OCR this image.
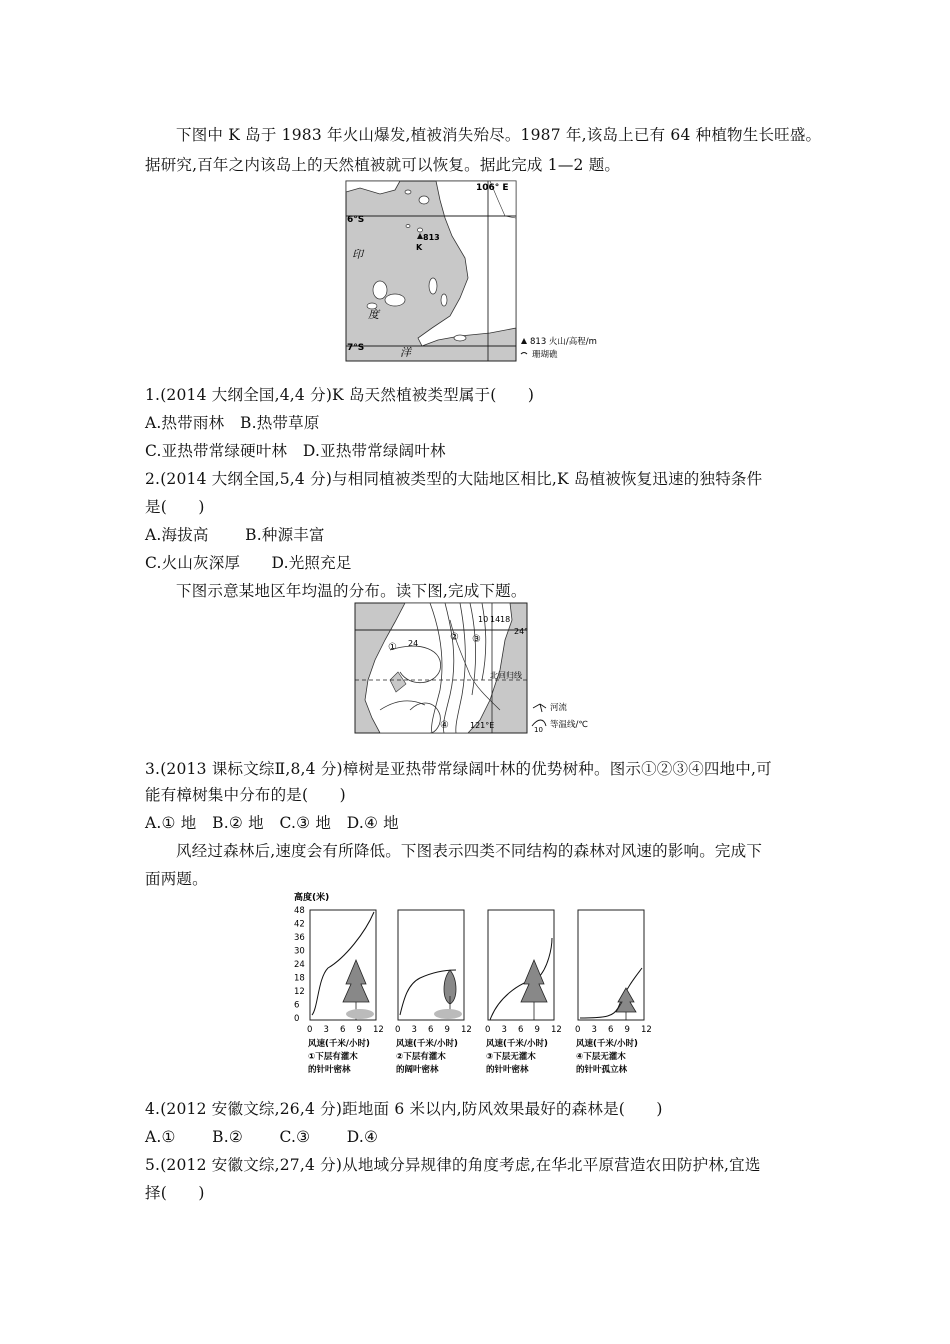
下图中 K 岛于 1983 年火山爆发,植被消失殆尽。1987 年,该岛上已有 64 种植物生长旺盛。
据研究,百年之内该岛上的天然植被就可以恢复。据此完成 1—2 题。
106° E
6°S
7°S
813
K
印
度
洋
813 火山/高程/m
珊瑚礁
1.(2014 大纲全国,4,4 分)K 岛天然植被类型属于(　　)
A.热带雨林　B.热带草原
C.亚热带常绿硬叶林　D.亚热带常绿阔叶林
2.(2014 大纲全国,5,4 分)与相同植被类型的大陆地区相比,K 岛植被恢复迅速的独特条件
是(　　)
A.海拔高　　 B.种源丰富
C.火山灰深厚　　D.光照充足
下图示意某地区年均温的分布。读下图,完成下题。
10 14 18
24
24°
①
② ③
④
北回归线
121°E
河流
10 等温线/℃
3.(2013 课标文综Ⅱ,8,4 分)樟树是亚热带常绿阔叶林的优势树种。图示①②③④四地中,可
能有樟树集中分布的是(　　)
A.① 地　B.② 地　C.③ 地　D.④ 地
风经过森林后,速度会有所降低。下图表示四类不同结构的森林对风速的影响。完成下
面两题。
高度(米)
48
42
36
30
24
18
12
6
0
0 3 6 9 12
风速(千米/小时)
①下层有灌木
的针叶密林
0 3 6 9 12
风速(千米/小时)
②下层有灌木
的阔叶密林
0 3 6 9 12
风速(千米/小时)
③下层无灌木
的针叶密林
0 3 6 9 12
风速(千米/小时)
④下层无灌木
的针叶孤立林
4.(2012 安徽文综,26,4 分)距地面 6 米以内,防风效果最好的森林是(　　)
A.①　　 B.②　　 C.③　　 D.④
5.(2012 安徽文综,27,4 分)从地域分异规律的角度考虑,在华北平原营造农田防护林,宜选
择(　　)
